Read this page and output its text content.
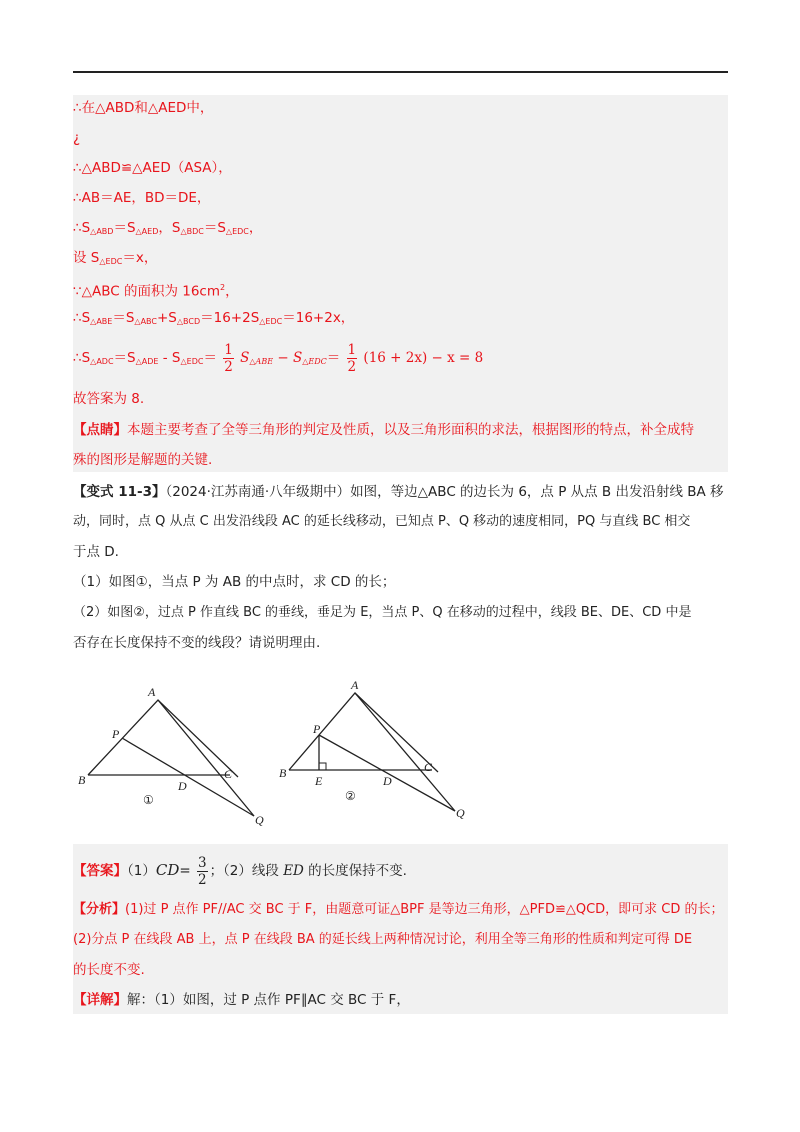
∴在△ABD和△AED中，
¿
∴△ABD≌△AED（ASA），
∴AB＝AE，BD＝DE，
$\therefore S_{\triangle ABD}=S_{\triangle AED}$，$S_{\triangle BDC}=S_{\triangle EDC}$，
设 $S_{\triangle EDC}=x$，
∵△ABC 的面积为 $16cm^2$，
$\therefore S_{\triangle ABE}=S_{\triangle ABC}+S_{\triangle BCD}=16+2S_{\triangle EDC}=16+2x$，
$\therefore S_{\triangle ADC}=S_{\triangle ADE} - S_{\triangle EDC}= \frac{1}{2} S_{\triangle ABE} - S_{\triangle EDC}= \frac{1}{2} (16 + 2x) - x = 8$
故答案为 8.
【点睛】本题主要考查了全等三角形的判定及性质，以及三角形面积的求法，根据图形的特点，补全成特
殊的图形是解题的关键.
【变式 11-3】（2024·江苏南通·八年级期中）如图，等边△ABC 的边长为 6，点 P 从点 B 出发沿射线 BA 移
动，同时，点 Q 从点 C 出发沿线段 AC 的延长线移动，已知点 P、Q 移动的速度相同，PQ 与直线 BC 相交
于点 D.
（1）如图①，当点 P 为 AB 的中点时，求 CD 的长；
（2）如图②，过点 P 作直线 BC 的垂线，垂足为 E，当点 P、Q 在移动的过程中，线段 BE、DE、CD 中是
否存在长度保持不变的线段？请说明理由.
A
P
B	C
D
Q
①
A
P
B
E
C
D
Q
②
【答案】$(1)CD= \frac{3}{2}$ ；（2）线段 ED 的长度保持不变.
【分析】(1)过 P 点作 PF//AC 交 BC 于 F，由题意可证△BPF 是等边三角形，△PFD≌△QCD，即可求 CD 的长；
(2)分点 P 在线段 AB 上，点 P 在线段 BA 的延长线上两种情况讨论，利用全等三角形的性质和判定可得 DE
的长度不变.
【详解】解：（1）如图，过 P 点作 PF∥AC 交 BC 于 F，
